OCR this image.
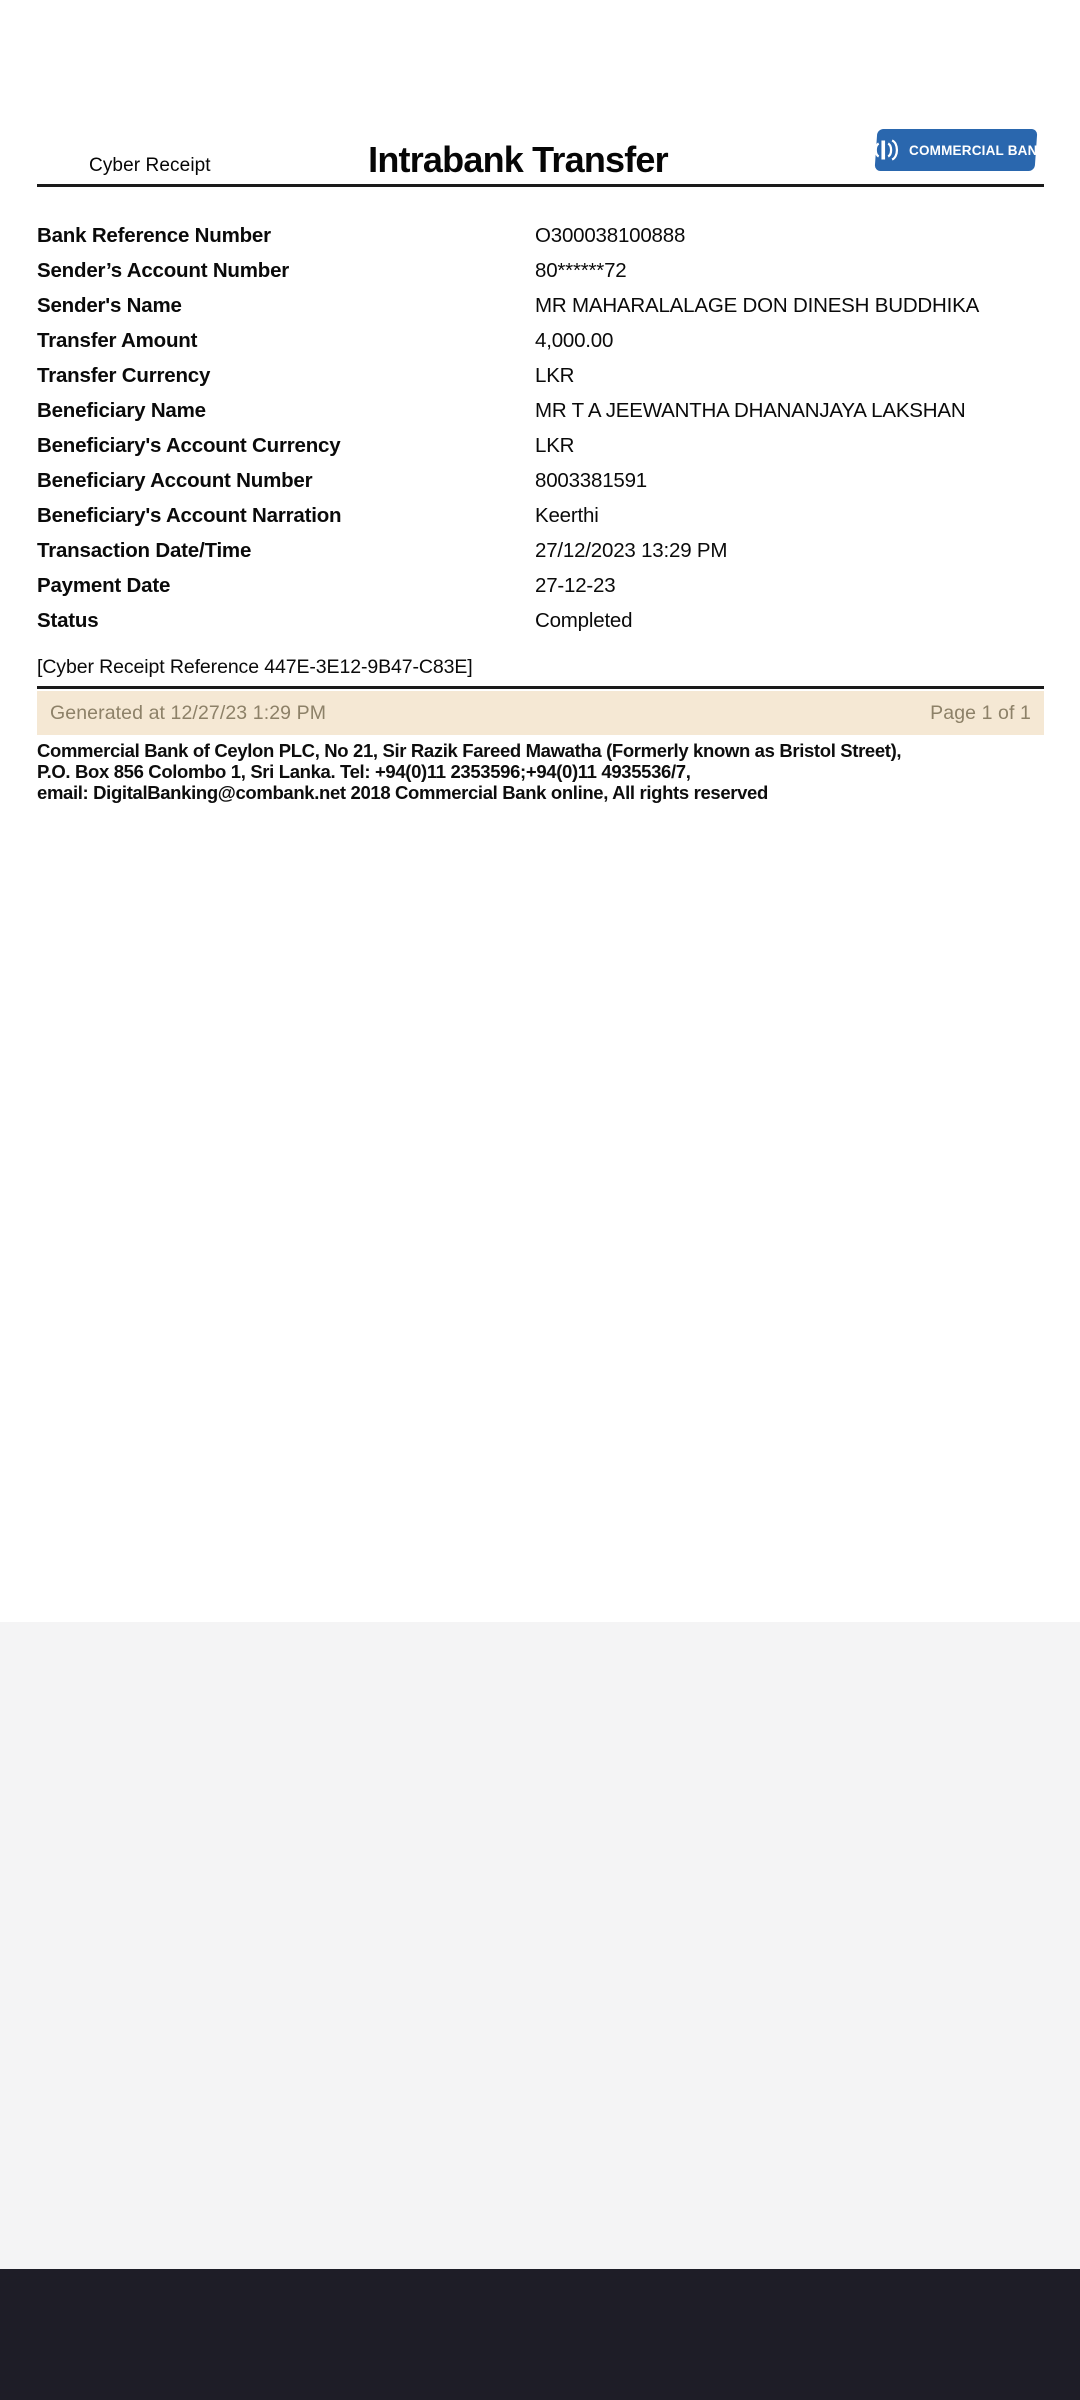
Cyber Receipt	Intrabank Transfer	COMMERCIAL BANK
Bank Reference Number	O300038100888
Sender’s Account Number	80******72
Sender's Name	MR MAHARALALAGE DON DINESH BUDDHIKA
Transfer Amount	4,000.00
Transfer Currency	LKR
Beneficiary Name	MR T A JEEWANTHA DHANANJAYA LAKSHAN
Beneficiary's Account Currency	LKR
Beneficiary Account Number	8003381591
Beneficiary's Account Narration	Keerthi
Transaction Date/Time	27/12/2023 13:29 PM
Payment Date	27-12-23
Status	Completed
[Cyber Receipt Reference 447E-3E12-9B47-C83E]
Generated at 12/27/23 1:29 PM	Page 1 of 1
Commercial Bank of Ceylon PLC, No 21, Sir Razik Fareed Mawatha (Formerly known as Bristol Street),
P.O. Box 856 Colombo 1, Sri Lanka. Tel: +94(0)11 2353596;+94(0)11 4935536/7,
email: DigitalBanking@combank.net 2018 Commercial Bank online, All rights reserved
